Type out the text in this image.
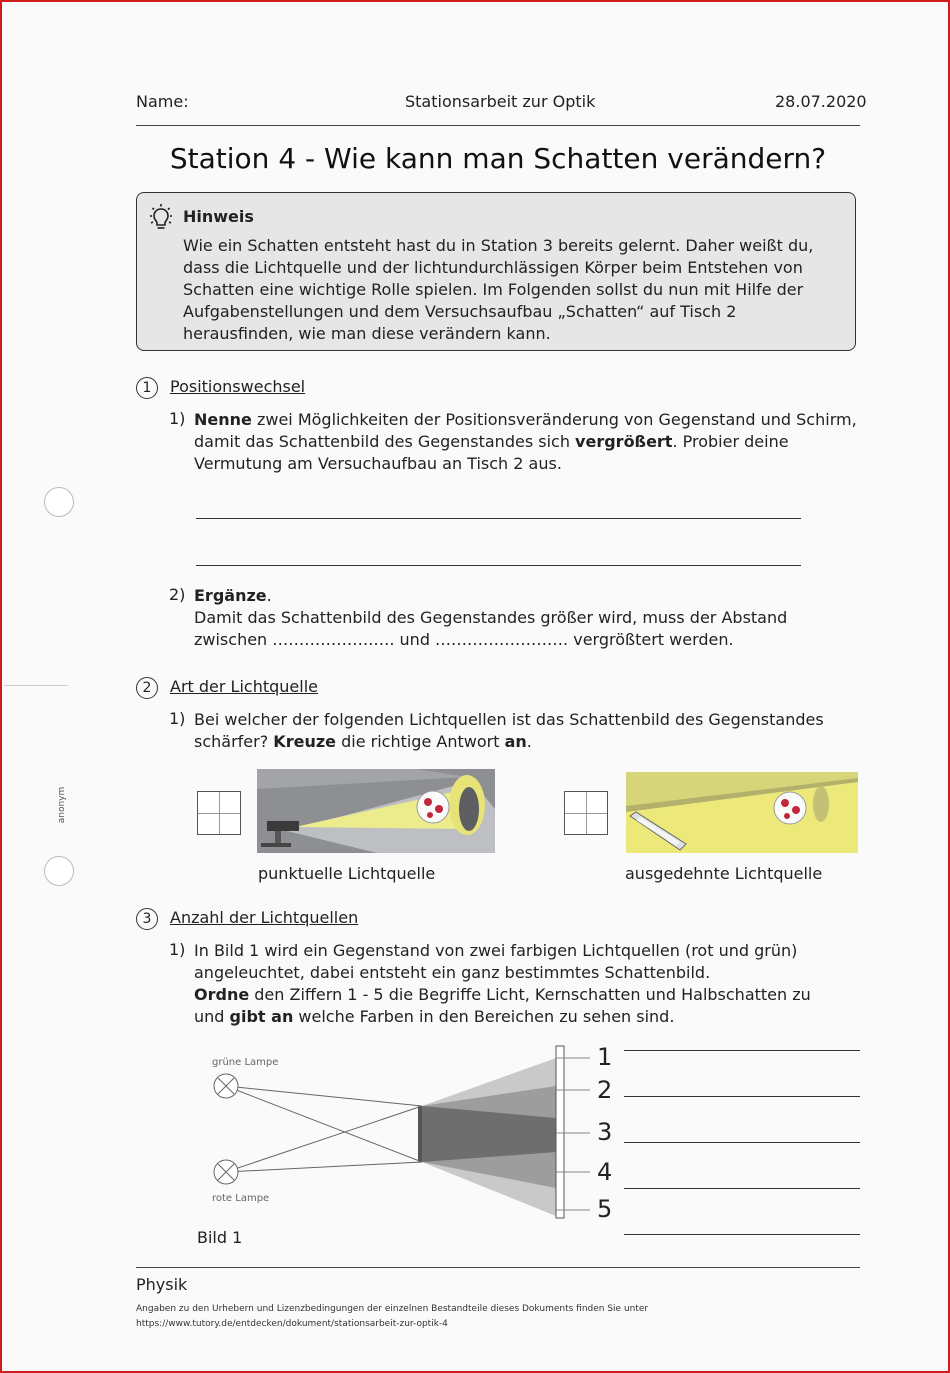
Name:	Stationsarbeit zur Optik	28.07.2020
Station 4 - Wie kann man Schatten verändern?
Hinweis
Wie ein Schatten entsteht hast du in Station 3 bereits gelernt. Daher weißt du, dass die Lichtquelle und der lichtundurchlässigen Körper beim Entstehen von Schatten eine wichtige Rolle spielen. Im Folgenden sollst du nun mit Hilfe der Aufgabenstellungen und dem Versuchsaufbau „Schatten“ auf Tisch 2 herausfinden, wie man diese verändern kann.
anonym
1	Positionswechsel
1) Nenne zwei Möglichkeiten der Positionsveränderung von Gegenstand und Schirm, damit das Schattenbild des Gegenstandes sich vergrößert. Probier deine Vermutung am Versuchaufbau an Tisch 2 aus.
2) Ergänze.
Damit das Schattenbild des Gegenstandes größer wird, muss der Abstand zwischen ……………….…. und ……………………. vergrößtert werden.
2	Art der Lichtquelle
1) Bei welcher der folgenden Lichtquellen ist das Schattenbild des Gegenstandes schärfer? Kreuze die richtige Antwort an.
punktuelle Lichtquelle	ausgedehnte Lichtquelle
3	Anzahl der Lichtquellen
1) In Bild 1 wird ein Gegenstand von zwei farbigen Lichtquellen (rot und grün) angeleuchtet, dabei entsteht ein ganz bestimmtes Schattenbild.
Ordne den Ziffern 1 - 5 die Begriffe Licht, Kernschatten und Halbschatten zu und gibt an welche Farben in den Bereichen zu sehen sind.
grüne Lampe
rote Lampe
Bild 1
1
2
3
4
5
Physik
Angaben zu den Urhebern und Lizenzbedingungen der einzelnen Bestandteile dieses Dokuments finden Sie unter
https://www.tutory.de/entdecken/dokument/stationsarbeit-zur-optik-4
